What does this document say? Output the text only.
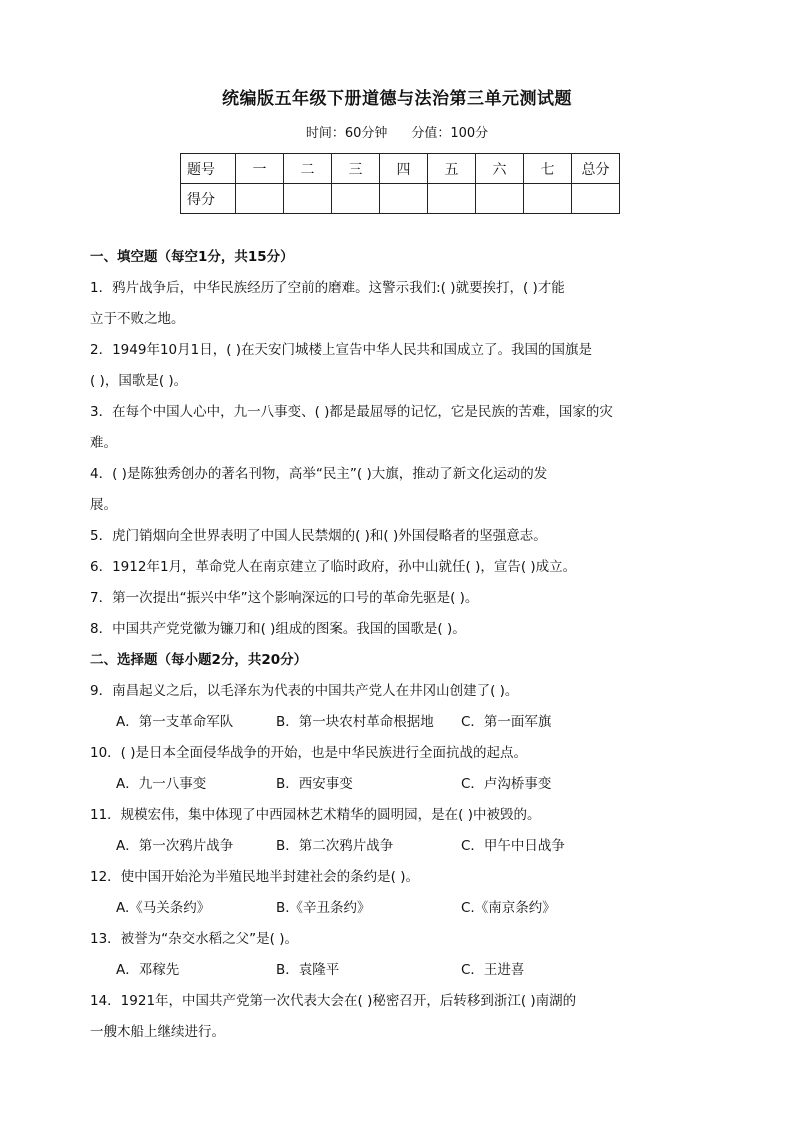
统编版五年级下册道德与法治第三单元测试题
时间：60分钟 分值：100分
题号	一	二	三	四	五	六	七	总分
得分								
一、填空题（每空1分，共15分）
1．鸦片战争后，中华民族经历了空前的磨难。这警示我们:( )就要挨打，( )才能
立于不败之地。
2．1949年10月1日，( )在天安门城楼上宣告中华人民共和国成立了。我国的国旗是
( )，国歌是( )。
3．在每个中国人心中，九一八事变、( )都是最屈辱的记忆，它是民族的苦难，国家的灾
难。
4．( )是陈独秀创办的著名刊物，高举“民主”( )大旗，推动了新文化运动的发
展。
5．虎门销烟向全世界表明了中国人民禁烟的( )和( )外国侵略者的坚强意志。
6．1912年1月，革命党人在南京建立了临时政府，孙中山就任( )，宣告( )成立。
7．第一次提出“振兴中华”这个影响深远的口号的革命先驱是( )。
8．中国共产党党徽为镰刀和( )组成的图案。我国的国歌是( )。
二、选择题（每小题2分，共20分）
9．南昌起义之后，以毛泽东为代表的中国共产党人在井冈山创建了( )。
A．第一支革命军队	B．第一块农村革命根据地 C．第一面军旗
10．( )是日本全面侵华战争的开始，也是中华民族进行全面抗战的起点。
A．九一八事变	B．西安事变	C．卢沟桥事变
11．规模宏伟，集中体现了中西园林艺术精华的圆明园，是在( )中被毁的。
A．第一次鸦片战争	B．第二次鸦片战争	C．甲午中日战争
12．使中国开始沦为半殖民地半封建社会的条约是( )。
A.《马关条约》	B.《辛丑条约》	C.《南京条约》
13．被誉为“杂交水稻之父”是( )。
A．邓稼先	B．袁隆平	C．王进喜
14．1921年，中国共产党第一次代表大会在( )秘密召开，后转移到浙江( )南湖的
一艘木船上继续进行。
